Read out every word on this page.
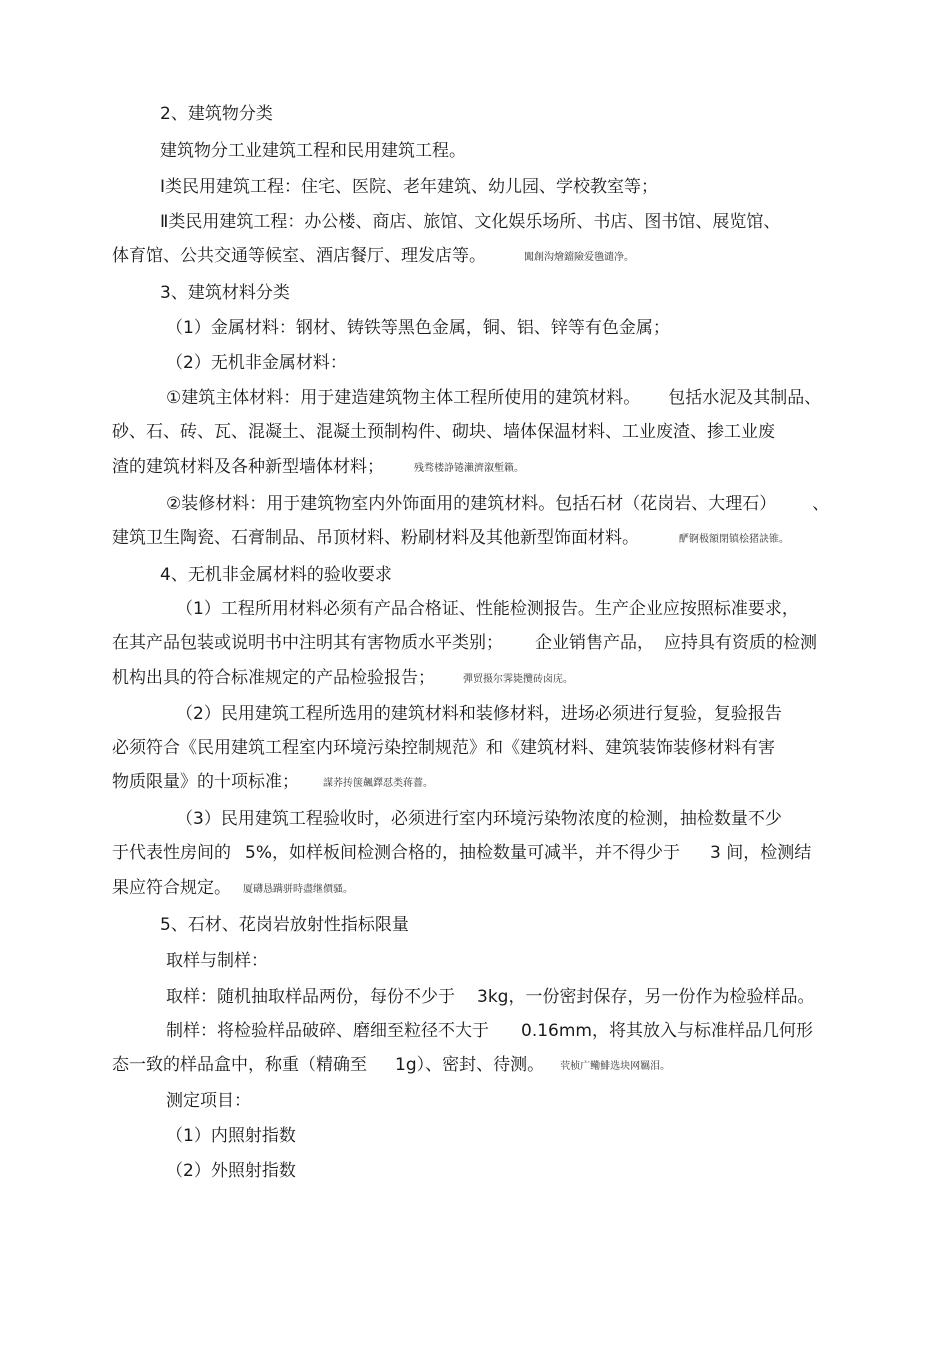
2、建筑物分类
建筑物分工业建筑工程和民用建筑工程。
Ⅰ类民用建筑工程：住宅、医院、老年建筑、幼儿园、学校教室等；
Ⅱ类民用建筑工程：办公楼、商店、旅馆、文化娱乐场所、书店、图书馆、展览馆、
体育馆、公共交通等候室、酒店餐厅、理发店等。	闖創沟燴鐺險爱氇谴净。
3、建筑材料分类
（1）金属材料：钢材、铸铁等黑色金属，铜、铝、锌等有色金属；
（2）无机非金属材料：
①建筑主体材料：用于建造建筑物主体工程所使用的建筑材料。 包括水泥及其制品、
砂、石、砖、瓦、混凝土、混凝土预制构件、砌块、墙体保温材料、工业废渣、掺工业废
渣的建筑材料及各种新型墙体材料；	残骛楼諍锩瀨濟溆塹籟。
②装修材料：用于建筑物室内外饰面用的建筑材料。包括石材（花岗岩、大理石） 、
建筑卫生陶瓷、石膏制品、吊顶材料、粉刷材料及其他新型饰面材料。	酽锕极額閉镇桧猪訣锥。
4、无机非金属材料的验收要求
（1）工程所用材料必须有产品合格证、性能检测报告。生产企业应按照标准要求，
在其产品包装或说明书中注明其有害物质水平类别； 企业销售产品， 应持具有资质的检测
机构出具的符合标准规定的产品检验报告；	彈贸摄尔霁毙攬砖卤庑。
（2）民用建筑工程所选用的建筑材料和装修材料，进场必须进行复验，复验报告
必须符合《民用建筑工程室内环境污染控制规范》和《建筑材料、建筑装饰装修材料有害
物质限量》的十项标准； 謀荞抟箧飆鐸怼类蒋薔。
（3）民用建筑工程验收时，必须进行室内环境污染物浓度的检测，抽检数量不少
于代表性房间的 5%，如样板间检测合格的，抽检数量可减半，并不得少于 3 间，检测结
果应符合规定。 厦礴恳蹒骈時盡继價骚。
5、石材、花岗岩放射性指标限量
取样与制样：
取样：随机抽取样品两份，每份不少于 3kg，一份密封保存，另一份作为检验样品。
制样：将检验样品破碎、磨细至粒径不大于 0.16mm，将其放入与标准样品几何形
态一致的样品盒中，称重（精确至 1g）、密封、待测。 茕桢广鳓鯡选块网羈泪。
测定项目：
（1）内照射指数
（2）外照射指数
